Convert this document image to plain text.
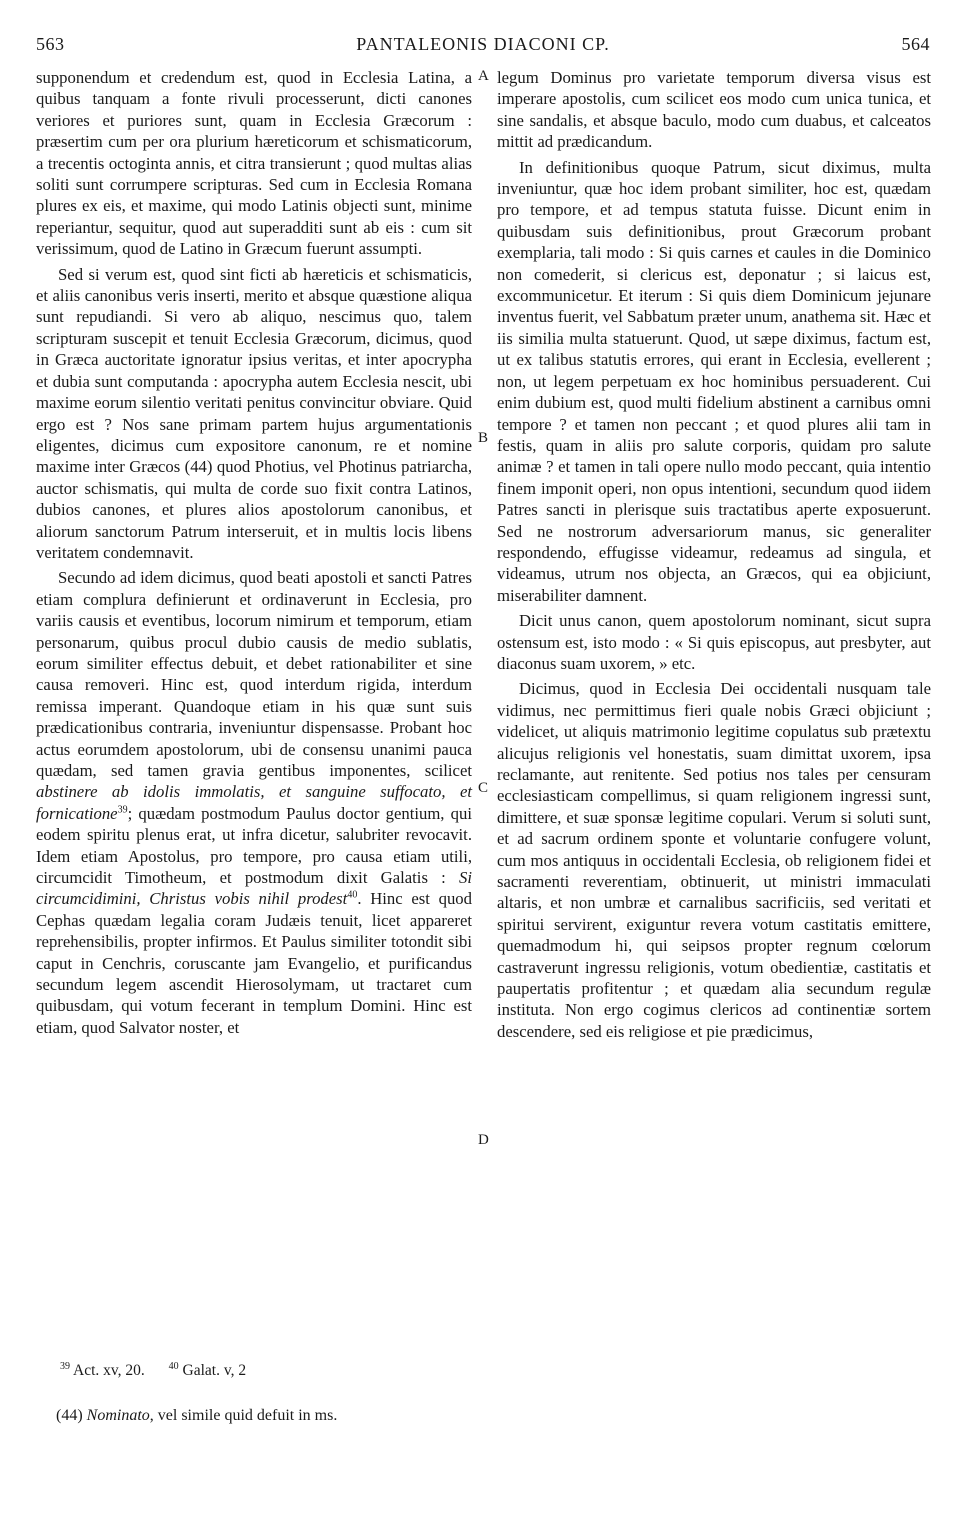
563	PANTALEONIS DIACONI CP.	564

supponendum et credendum est, quod in Ecclesia Latina, a quibus tanquam a fonte rivuli processerunt, dicti canones veriores et puriores sunt, quam in Ecclesia Græcorum : præsertim cum per ora plurium hæreticorum et schismaticorum, a trecentis octoginta annis, et citra transierunt ; quod multas alias soliti sunt corrumpere scripturas. Sed cum in Ecclesia Romana plures ex eis, et maxime, qui modo Latinis objecti sunt, minime reperiantur, sequitur, quod aut superadditi sunt ab eis : cum sit verissimum, quod de Latino in Græcum fuerunt assumpti.

Sed si verum est, quod sint ficti ab hæreticis et schismaticis, et aliis canonibus veris inserti, merito et absque quæstione aliqua sunt repudiandi. Si vero ab aliquo, nescimus quo, talem scripturam suscepit et tenuit Ecclesia Græcorum, dicimus, quod in Græca auctoritate ignoratur ipsius veritas, et inter apocrypha et dubia sunt computanda : apocrypha autem Ecclesia nescit, ubi maxime eorum silentio veritati penitus convincitur obviare. Quid ergo est ? Nos sane primam partem hujus argumentationis eligentes, dicimus cum expositore canonum, re et nomine maxime inter Græcos (44) quod Photius, vel Photinus patriarcha, auctor schismatis, qui multa de corde suo fixit contra Latinos, dubios canones, et plures alios apostolorum canonibus, et aliorum sanctorum Patrum interseruit, et in multis locis libens veritatem condemnavit.

Secundo ad idem dicimus, quod beati apostoli et sancti Patres etiam complura definierunt et ordinaverunt in Ecclesia, pro variis causis et eventibus, locorum nimirum et temporum, etiam personarum, quibus procul dubio causis de medio sublatis, eorum similiter effectus debuit, et debet rationabiliter et sine causa removeri. Hinc est, quod interdum rigida, interdum remissa imperant. Quandoque etiam in his quæ sunt suis prædicationibus contraria, inveniuntur dispensasse. Probant hoc actus eorumdem apostolorum, ubi de consensu unanimi pauca quædam, sed tamen gravia gentibus imponentes, scilicet abstinere ab idolis immolatis, et sanguine suffocato, et fornicatione$^{39}$; quædam postmodum Paulus doctor gentium, qui eodem spiritu plenus erat, ut infra dicetur, salubriter revocavit. Idem etiam Apostolus, pro tempore, pro causa etiam utili, circumcidit Timotheum, et postmodum dixit Galatis : Si circumcidimini, Christus vobis nihil prodest$^{40}$. Hinc est quod Cephas quædam legalia coram Judæis tenuit, licet appareret reprehensibilis, propter infirmos. Et Paulus similiter totondit sibi caput in Cenchris, coruscante jam Evangelio, et purificandus secundum legem ascendit Hierosolymam, ut tractaret cum quibusdam, qui votum fecerant in templum Domini. Hinc est etiam, quod Salvator noster, et

A
B
C
D

legum Dominus pro varietate temporum diversa visus est imperare apostolis, cum scilicet eos modo cum unica tunica, et sine sandalis, et absque baculo, modo cum duabus, et calceatos mittit ad prædicandum.

In definitionibus quoque Patrum, sicut diximus, multa inveniuntur, quæ hoc idem probant similiter, hoc est, quædam pro tempore, et ad tempus statuta fuisse. Dicunt enim in quibusdam suis definitionibus, prout Græcorum probant exemplaria, tali modo : Si quis carnes et caules in die Dominico non comederit, si clericus est, deponatur ; si laicus est, excommunicetur. Et iterum : Si quis diem Dominicum jejunare inventus fuerit, vel Sabbatum præter unum, anathema sit. Hæc et iis similia multa statuerunt. Quod, ut sæpe diximus, factum est, ut ex talibus statutis errores, qui erant in Ecclesia, evellerent ; non, ut legem perpetuam ex hoc hominibus persuaderent. Cui enim dubium est, quod multi fidelium abstinent a carnibus omni tempore ? et tamen non peccant ; et quod plures alii tam in festis, quam in aliis pro salute corporis, quidam pro salute animæ ? et tamen in tali opere nullo modo peccant, quia intentio finem imponit operi, non opus intentioni, secundum quod iidem Patres sancti in plerisque suis tractatibus aperte exposuerunt. Sed ne nostrorum adversariorum manus, sic generaliter respondendo, effugisse videamur, redeamus ad singula, et videamus, utrum nos objecta, an Græcos, qui ea objiciunt, miserabiliter damnent.

Dicit unus canon, quem apostolorum nominant, sicut supra ostensum est, isto modo : « Si quis episcopus, aut presbyter, aut diaconus suam uxorem, » etc.

Dicimus, quod in Ecclesia Dei occidentali nusquam tale vidimus, nec permittimus fieri quale nobis Græci objiciunt ; videlicet, ut aliquis matrimonio legitime copulatus sub prætextu alicujus religionis vel honestatis, suam dimittat uxorem, ipsa reclamante, aut renitente. Sed potius nos tales per censuram ecclesiasticam compellimus, si quam religionem ingressi sunt, dimittere, et suæ sponsæ legitime copulari. Verum si soluti sunt, et ad sacrum ordinem sponte et voluntarie confugere volunt, cum mos antiquus in occidentali Ecclesia, ob religionem fidei et sacramenti reverentiam, obtinuerit, ut ministri immaculati altaris, et non umbræ et carnalibus sacrificiis, sed veritati et spiritui servirent, exiguntur revera votum castitatis emittere, quemadmodum hi, qui seipsos propter regnum cœlorum castraverunt ingressu religionis, votum obedientiæ, castitatis et paupertatis profitentur ; et quædam alia secundum regulæ instituta. Non ergo cogimus clericos ad continentiæ sortem descendere, sed eis religiose et pie prædicimus,

$^{39}$ Act. xv, 20. $^{40}$ Galat. v, 2
(44) Nominato, vel simile quid defuit in ms.
